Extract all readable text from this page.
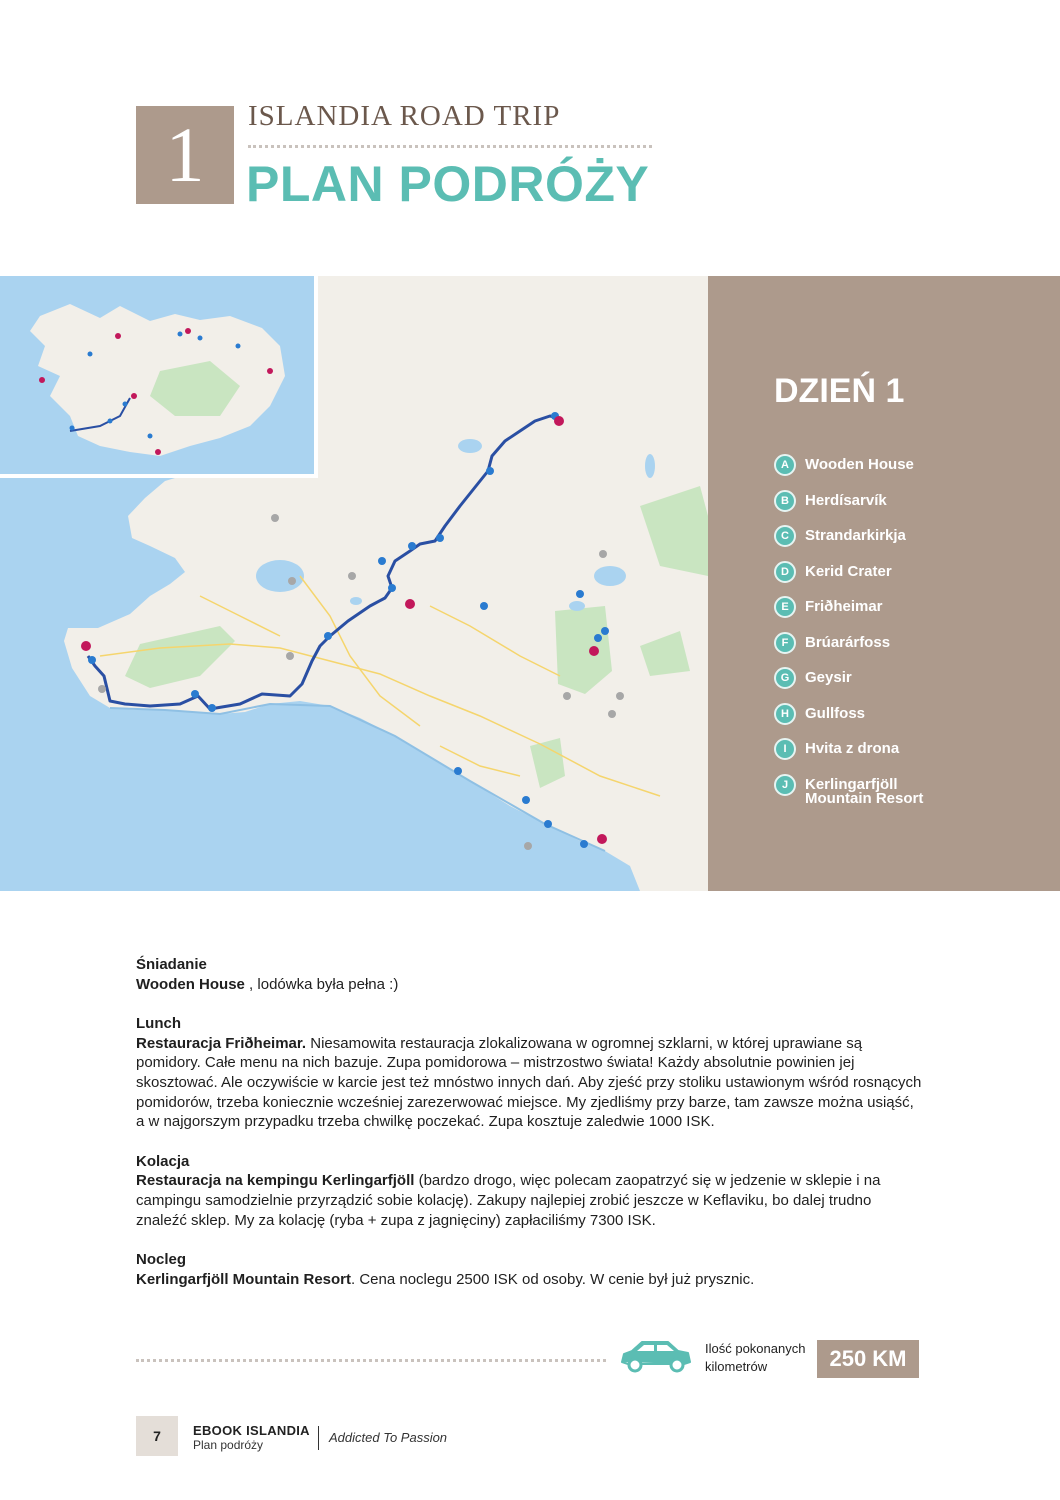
1 ISLANDIA ROAD TRIP
PLAN PODRÓŻY
DZIEŃ 1
A	Wooden House
B	Herdísarvík
C	Strandarkirkja
D	Kerid Crater
E	Friðheimar
F	Brúarárfoss
G	Geysir
H	Gullfoss
I	Hvita z drona
J	Kerlingarfjöll Mountain Resort
Śniadanie

Wooden House , lodówka była pełna :)

Lunch

Restauracja Friðheimar. Niesamowita restauracja zlokalizowana w ogromnej szklarni, w której uprawiane są pomidory. Całe menu na nich bazuje. Zupa pomidorowa – mistrzostwo świata! Każdy absolutnie powinien jej skosztować. Ale oczywiście w karcie jest też mnóstwo innych dań. Aby zjeść przy stoliku ustawionym wśród rosnących pomidorów, trzeba koniecznie wcześniej zarezerwować miejsce. My zjedliśmy przy barze, tam zawsze można usiąść, a w najgorszym przypadku trzeba chwilkę poczekać. Zupa kosztuje zaledwie 1000 ISK.

Kolacja

Restauracja na kempingu Kerlingarfjöll (bardzo drogo, więc polecam zaopatrzyć się w jedzenie w sklepie i na campingu samodzielnie przyrządzić sobie kolację). Zakupy najlepiej zrobić jeszcze w Keflaviku, bo dalej trudno znaleźć sklep. My za kolację (ryba + zupa z jagnięciny) zapłaciliśmy 7300 ISK.

Nocleg

Kerlingarfjöll Mountain Resort. Cena noclegu 2500 ISK od osoby. W cenie był już prysznic.

Ilość pokonanych kilometrów	250 KM
7	EBOOK ISLANDIA
Plan podróży	Addicted To Passion
